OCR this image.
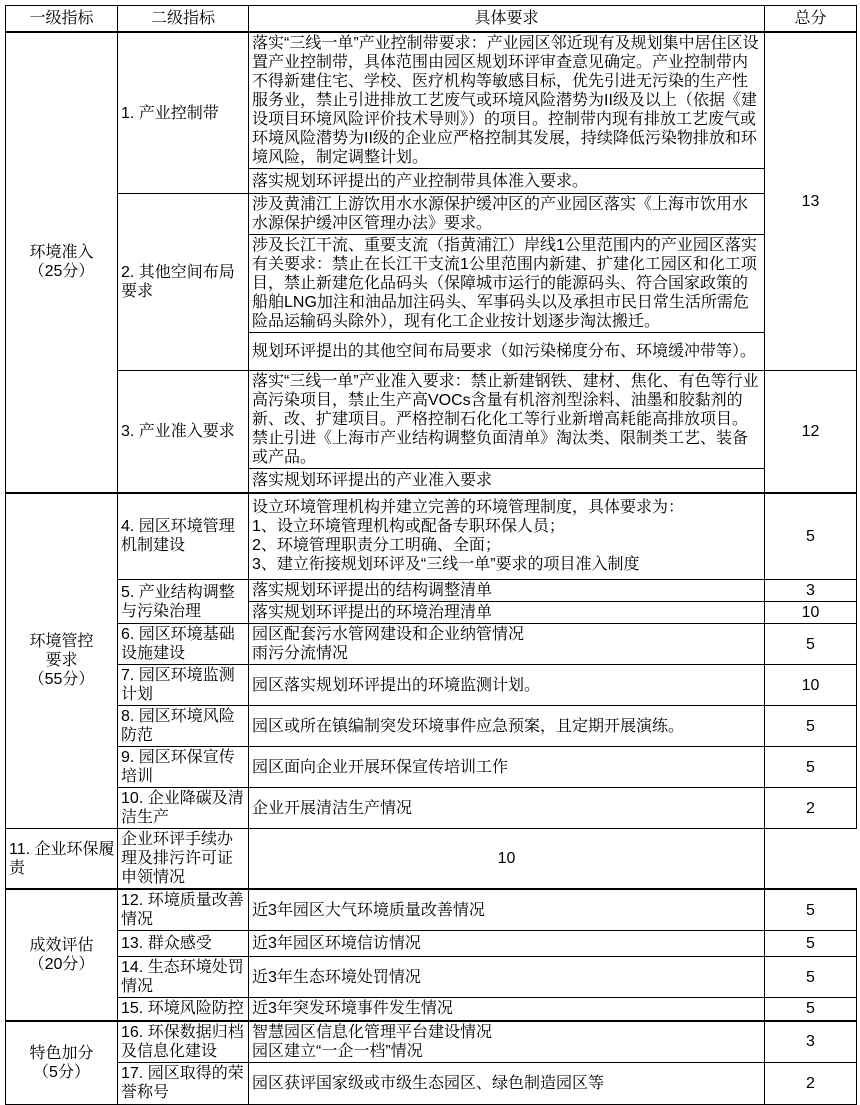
一级指标	二级指标	具体要求	总分
环境准入
（25分）	1. 产业控制带	落实“三线一单”产业控制带要求：产业园区邻近现有及规划集中居住区设置产业控制带，具体范围由园区规划环评审查意见确定。产业控制带内不得新建住宅、学校、医疗机构等敏感目标，优先引进无污染的生产性服务业，禁止引进排放工艺废气或环境风险潜势为II级及以上（依据《建设项目环境风险评价技术导则》）的项目。控制带内现有排放工艺废气或环境风险潜势为II级的企业应严格控制其发展，持续降低污染物排放和环境风险，制定调整计划。	13
		落实规划环评提出的产业控制带具体准入要求。	
	2. 其他空间布局要求	涉及黄浦江上游饮用水水源保护缓冲区的产业园区落实《上海市饮用水水源保护缓冲区管理办法》要求。	
		涉及长江干流、重要支流（指黄浦江）岸线1公里范围内的产业园区落实有关要求：禁止在长江干支流1公里范围内新建、扩建化工园区和化工项目，禁止新建危化品码头（保障城市运行的能源码头、符合国家政策的船舶LNG加注和油品加注码头、军事码头以及承担市民日常生活所需危险品运输码头除外），现有化工企业按计划逐步淘汰搬迁。	
		规划环评提出的其他空间布局要求（如污染梯度分布、环境缓冲带等）。	
	3. 产业准入要求	落实“三线一单”产业准入要求：禁止新建钢铁、建材、焦化、有色等行业高污染项目，禁止生产高VOCs含量有机溶剂型涂料、油墨和胶黏剂的新、改、扩建项目。严格控制石化化工等行业新增高耗能高排放项目。禁止引进《上海市产业结构调整负面清单》淘汰类、限制类工艺、装备或产品。	12
		落实规划环评提出的产业准入要求	
环境管控
要求
（55分）	4. 园区环境管理机制建设	设立环境管理机构并建立完善的环境管理制度，具体要求为：
1、设立环境管理机构或配备专职环保人员；
2、环境管理职责分工明确、全面；
3、建立衔接规划环评及“三线一单”要求的项目准入制度	5
	5. 产业结构调整与污染治理	落实规划环评提出的结构调整清单	3
		落实规划环评提出的环境治理清单	10
	6. 园区环境基础设施建设	园区配套污水管网建设和企业纳管情况
雨污分流情况	5
	7. 园区环境监测计划	园区落实规划环评提出的环境监测计划。	10
	8. 园区环境风险防范	园区或所在镇编制突发环境事件应急预案，且定期开展演练。	5
	9. 园区环保宣传培训	园区面向企业开展环保宣传培训工作	5
	10. 企业降碳及清洁生产	企业开展清洁生产情况	2
11. 企业环保履责	企业环评手续办理及排污许可证申领情况	10	
成效评估
（20分）	12. 环境质量改善情况	近3年园区大气环境质量改善情况	5
	13. 群众感受	近3年园区环境信访情况	5
	14. 生态环境处罚情况	近3年生态环境处罚情况	5
	15. 环境风险防控	近3年突发环境事件发生情况	5
特色加分
（5分）	16. 环保数据归档及信息化建设	智慧园区信息化管理平台建设情况
园区建立“一企一档”情况	3
	17. 园区取得的荣誉称号	园区获评国家级或市级生态园区、绿色制造园区等	2
